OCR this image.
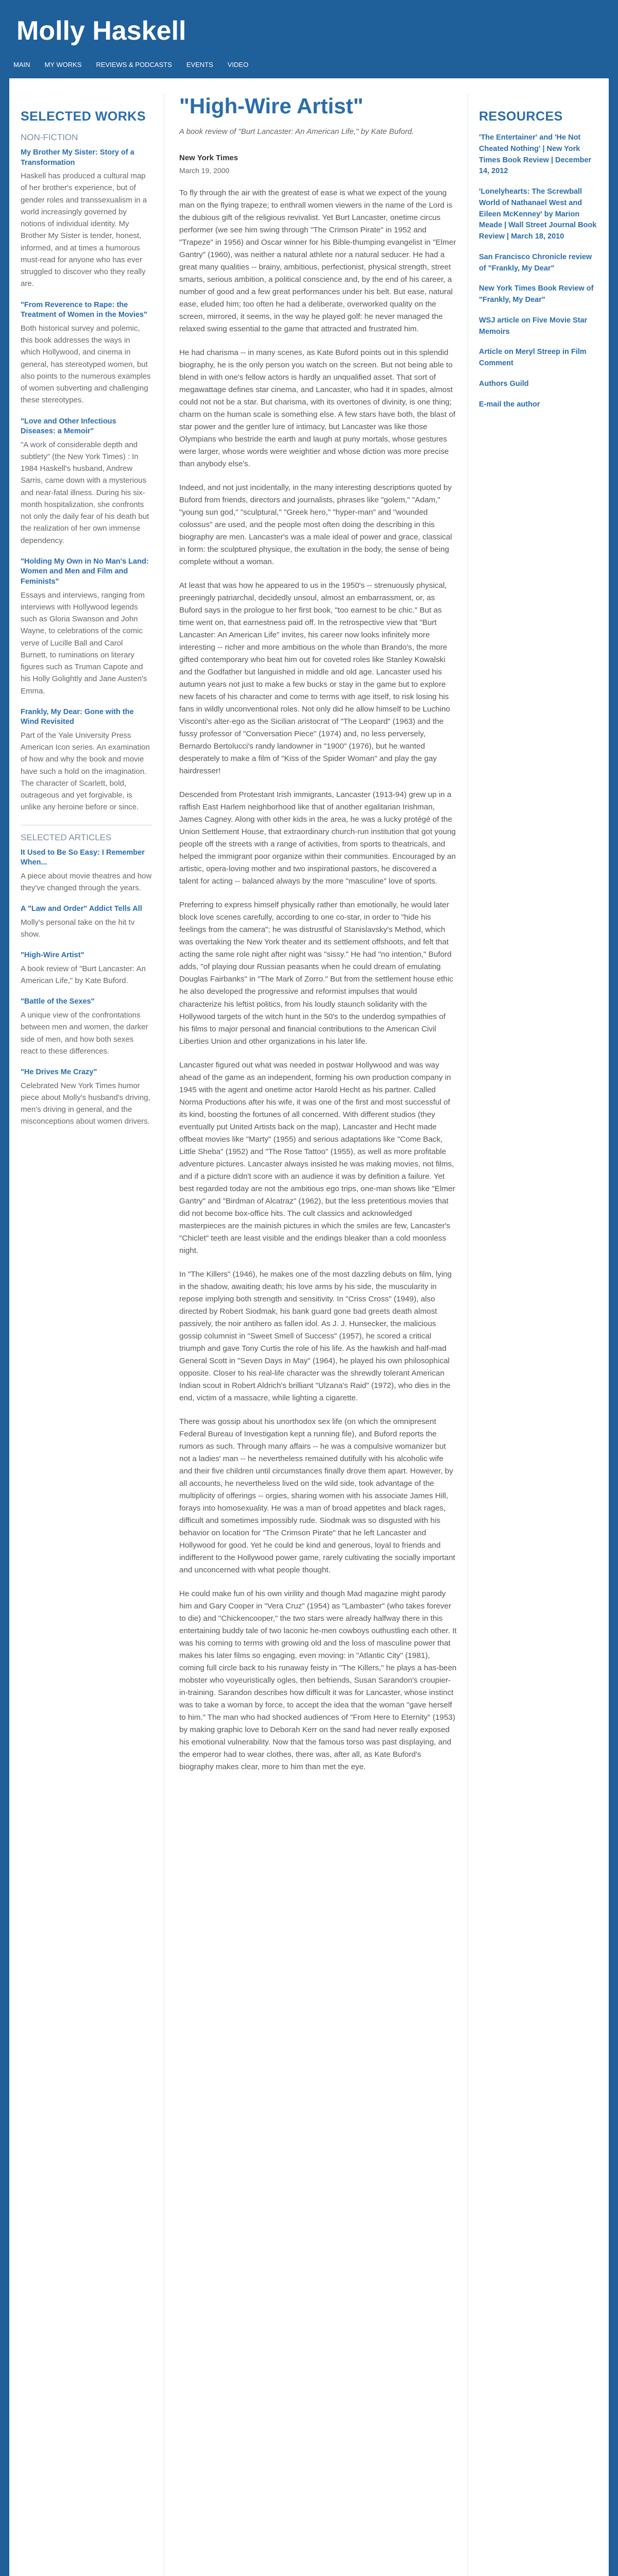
Molly Haskell
MAIN	MY WORKS	REVIEWS & PODCASTS	EVENTS	VIDEO
SELECTED WORKS
NON-FICTION
My Brother My Sister: Story of a Transformation

Haskell has produced a cultural map of her brother's experience, but of gender roles and transsexualism in a world increasingly governed by notions of individual identity. My Brother My Sister is tender, honest, informed, and at times a humorous must-read for anyone who has ever struggled to discover who they really are.

"From Reverence to Rape: the Treatment of Women in the Movies"

Both historical survey and polemic, this book addresses the ways in which Hollywood, and cinema in general, has stereotyped women, but also points to the numerous examples of women subverting and challenging these stereotypes.

"Love and Other Infectious Diseases: a Memoir"

"A work of considerable depth and subtlety" (the New York Times) : In 1984 Haskell's husband, Andrew Sarris, came down with a mysterious and near-fatal illness. During his six-month hospitalization, she confronts not only the daily fear of his death but the realization of her own immense dependency.

"Holding My Own in No Man's Land: Women and Men and Film and Feminists"

Essays and interviews, ranging from interviews with Hollywood legends such as Gloria Swanson and John Wayne, to celebrations of the comic verve of Lucille Ball and Carol Burnett, to ruminations on literary figures such as Truman Capote and his Holly Golightly and Jane Austen's Emma.

Frankly, My Dear: Gone with the Wind Revisited

Part of the Yale University Press American Icon series. An examination of how and why the book and movie have such a hold on the imagination. The character of Scarlett, bold, outrageous and yet forgivable, is unlike any heroine before or since.

SELECTED ARTICLES
It Used to Be So Easy: I Remember When...

A piece about movie theatres and how they've changed through the years.

A "Law and Order" Addict Tells All

Molly's personal take on the hit tv show.

"High-Wire Artist"

A book review of "Burt Lancaster: An American Life," by Kate Buford.

"Battle of the Sexes"

A unique view of the confrontations between men and women, the darker side of men, and how both sexes react to these differences.

"He Drives Me Crazy"

Celebrated New York Times humor piece about Molly's husband's driving, men's driving in general, and the misconceptions about women drivers.

"High-Wire Artist"

A book review of "Burt Lancaster: An American Life," by Kate Buford.

New York Times

March 19, 2000

To fly through the air with the greatest of ease is what we expect of the young man on the flying trapeze; to enthrall women viewers in the name of the Lord is the dubious gift of the religious revivalist. Yet Burt Lancaster, onetime circus performer (we see him swing through "The Crimson Pirate" in 1952 and "Trapeze" in 1956) and Oscar winner for his Bible-thumping evangelist in "Elmer Gantry" (1960), was neither a natural athlete nor a natural seducer. He had a great many qualities -- brainy, ambitious, perfectionist, physical strength, street smarts, serious ambition, a political conscience and, by the end of his career, a number of good and a few great performances under his belt. But ease, natural ease, eluded him; too often he had a deliberate, overworked quality on the screen, mirrored, it seems, in the way he played golf: he never managed the relaxed swing essential to the game that attracted and frustrated him.

He had charisma -- in many scenes, as Kate Buford points out in this splendid biography, he is the only person you watch on the screen. But not being able to blend in with one's fellow actors is hardly an unqualified asset. That sort of megawattage defines star cinema, and Lancaster, who had it in spades, almost could not not be a star. But charisma, with its overtones of divinity, is one thing; charm on the human scale is something else. A few stars have both, the blast of star power and the gentler lure of intimacy, but Lancaster was like those Olympians who bestride the earth and laugh at puny mortals, whose gestures were larger, whose words were weightier and whose diction was more precise than anybody else's.

Indeed, and not just incidentally, in the many interesting descriptions quoted by Buford from friends, directors and journalists, phrases like "golem," "Adam," "young sun god," "sculptural," "Greek hero," "hyper-man" and "wounded colossus" are used, and the people most often doing the describing in this biography are men. Lancaster's was a male ideal of power and grace, classical in form: the sculptured physique, the exultation in the body, the sense of being complete without a woman.

At least that was how he appeared to us in the 1950's -- strenuously physical, preeningly patriarchal, decidedly unsoul, almost an embarrassment, or, as Buford says in the prologue to her first book, "too earnest to be chic." But as time went on, that earnestness paid off. In the retrospective view that "Burt Lancaster: An American Life" invites, his career now looks infinitely more interesting -- richer and more ambitious on the whole than Brando's, the more gifted contemporary who beat him out for coveted roles like Stanley Kowalski and the Godfather but languished in middle and old age. Lancaster used his autumn years not just to make a few bucks or stay in the game but to explore new facets of his character and come to terms with age itself, to risk losing his fans in wildly unconventional roles. Not only did he allow himself to be Luchino Visconti's alter-ego as the Sicilian aristocrat of "The Leopard" (1963) and the fussy professor of "Conversation Piece" (1974) and, no less perversely, Bernardo Bertolucci's randy landowner in "1900" (1976), but he wanted desperately to make a film of "Kiss of the Spider Woman" and play the gay hairdresser!

Descended from Protestant Irish immigrants, Lancaster (1913-94) grew up in a raffish East Harlem neighborhood like that of another egalitarian Irishman, James Cagney. Along with other kids in the area, he was a lucky protégé of the Union Settlement House, that extraordinary church-run institution that got young people off the streets with a range of activities, from sports to theatricals, and helped the immigrant poor organize within their communities. Encouraged by an artistic, opera-loving mother and two inspirational pastors, he discovered a talent for acting -- balanced always by the more "masculine" love of sports.

Preferring to express himself physically rather than emotionally, he would later block love scenes carefully, according to one co-star, in order to "hide his feelings from the camera"; he was distrustful of Stanislavsky's Method, which was overtaking the New York theater and its settlement offshoots, and felt that acting the same role night after night was "sissy." He had "no intention," Buford adds, "of playing dour Russian peasants when he could dream of emulating Douglas Fairbanks" in "The Mark of Zorro." But from the settlement house ethic he also developed the progressive and reformist impulses that would characterize his leftist politics, from his loudly staunch solidarity with the Hollywood targets of the witch hunt in the 50's to the underdog sympathies of his films to major personal and financial contributions to the American Civil Liberties Union and other organizations in his later life.

Lancaster figured out what was needed in postwar Hollywood and was way ahead of the game as an independent, forming his own production company in 1945 with the agent and onetime actor Harold Hecht as his partner. Called Norma Productions after his wife, it was one of the first and most successful of its kind, boosting the fortunes of all concerned. With different studios (they eventually put United Artists back on the map), Lancaster and Hecht made offbeat movies like "Marty" (1955) and serious adaptations like "Come Back, Little Sheba" (1952) and "The Rose Tattoo" (1955), as well as more profitable adventure pictures. Lancaster always insisted he was making movies, not films, and if a picture didn't score with an audience it was by definition a failure. Yet best regarded today are not the ambitious ego trips, one-man shows like "Elmer Gantry" and "Birdman of Alcatraz" (1962), but the less pretentious movies that did not become box-office hits. The cult classics and acknowledged masterpieces are the mainish pictures in which the smiles are few, Lancaster's "Chiclet" teeth are least visible and the endings bleaker than a cold moonless night.

In "The Killers" (1946), he makes one of the most dazzling debuts on film, lying in the shadow, awaiting death; his love arms by his side, the muscularity in repose implying both strength and sensitivity. In "Criss Cross" (1949), also directed by Robert Siodmak, his bank guard gone bad greets death almost passively, the noir antihero as fallen idol. As J. J. Hunsecker, the malicious gossip columnist in "Sweet Smell of Success" (1957), he scored a critical triumph and gave Tony Curtis the role of his life. As the hawkish and half-mad General Scott in "Seven Days in May" (1964), he played his own philosophical opposite. Closer to his real-life character was the shrewdly tolerant American Indian scout in Robert Aldrich's brilliant "Ulzana's Raid" (1972), who dies in the end, victim of a massacre, while lighting a cigarette.

There was gossip about his unorthodox sex life (on which the omnipresent Federal Bureau of Investigation kept a running file), and Buford reports the rumors as such. Through many affairs -- he was a compulsive womanizer but not a ladies' man -- he nevertheless remained dutifully with his alcoholic wife and their five children until circumstances finally drove them apart. However, by all accounts, he nevertheless lived on the wild side, took advantage of the multiplicity of offerings -- orgies, sharing women with his associate James Hill, forays into homosexuality. He was a man of broad appetites and black rages, difficult and sometimes impossibly rude. Siodmak was so disgusted with his behavior on location for "The Crimson Pirate" that he left Lancaster and Hollywood for good. Yet he could be kind and generous, loyal to friends and indifferent to the Hollywood power game, rarely cultivating the socially important and unconcerned with what people thought.

He could make fun of his own virility and though Mad magazine might parody him and Gary Cooper in "Vera Cruz" (1954) as "Lambaster" (who takes forever to die) and "Chickencooper," the two stars were already halfway there in this entertaining buddy tale of two laconic he-men cowboys outhustling each other. It was his coming to terms with growing old and the loss of masculine power that makes his later films so engaging, even moving: in "Atlantic City" (1981), coming full circle back to his runaway feisty in "The Killers," he plays a has-been mobster who voyeuristically ogles, then befriends, Susan Sarandon's croupier-in-training. Sarandon describes how difficult it was for Lancaster, whose instinct was to take a woman by force, to accept the idea that the woman "gave herself to him." The man who had shocked audiences of "From Here to Eternity" (1953) by making graphic love to Deborah Kerr on the sand had never really exposed his emotional vulnerability. Now that the famous torso was past displaying, and the emperor had to wear clothes, there was, after all, as Kate Buford's biography makes clear, more to him than met the eye.

RESOURCES
'The Entertainer' and 'He Not Cheated Nothing' | New York Times Book Review | December 14, 2012
'Lonelyhearts: The Screwball World of Nathanael West and Eileen McKenney' by Marion Meade | Wall Street Journal Book Review | March 18, 2010
San Francisco Chronicle review of "Frankly, My Dear"
New York Times Book Review of "Frankly, My Dear"
WSJ article on Five Movie Star Memoirs
Article on Meryl Streep in Film Comment
Authors Guild
E-mail the author
